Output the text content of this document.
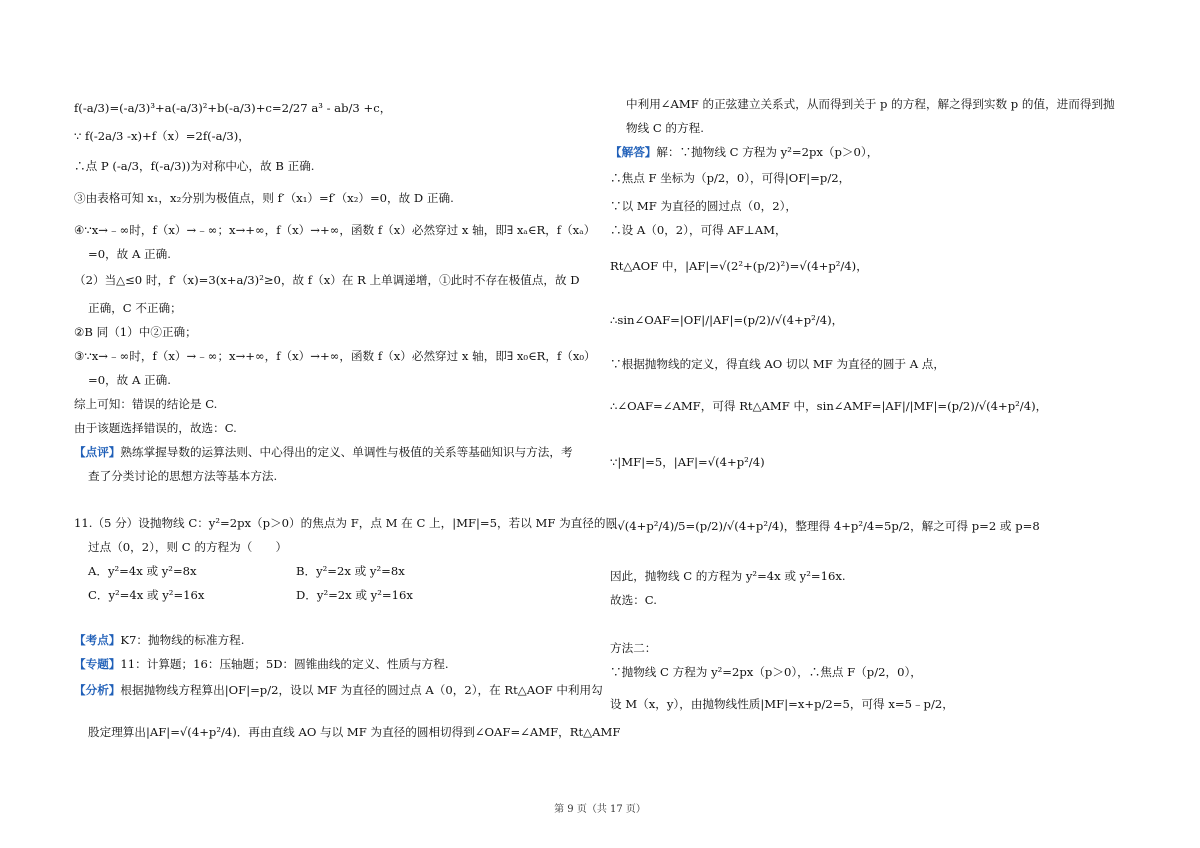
f(-a/3)=(-a/3)³+a(-a/3)²+b(-a/3)+c=2/27 a³ - ab/3 +c，
∵ f(-2a/3 -x)+f（x）=2f(-a/3)，
∴点 P (-a/3，f(-a/3))为对称中心，故 B 正确.
③由表格可知 x₁，x₂分别为极值点，则 f′（x₁）=f′（x₂）=0，故 D 正确.
④∵x→﹣∞时，f（x）→﹣∞；x→+∞，f（x）→+∞，函数 f（x）必然穿过 x 轴，即∃ xₐ∈R，f（xₐ）
=0，故 A 正确.
（2）当△≤0 时，f′（x)=3(x+a/3)²≥0，故 f（x）在 R 上单调递增，①此时不存在极值点，故 D
正确，C 不正确；
②B 同（1）中②正确；
③∵x→﹣∞时，f（x）→﹣∞；x→+∞，f（x）→+∞，函数 f（x）必然穿过 x 轴，即∃ x₀∈R，f（x₀）
=0，故 A 正确.
综上可知：错误的结论是 C.
由于该题选择错误的，故选：C.
【点评】熟练掌握导数的运算法则、中心得出的定义、单调性与极值的关系等基础知识与方法，考
查了分类讨论的思想方法等基本方法.
11.（5 分）设抛物线 C：y²=2px（p＞0）的焦点为 F，点 M 在 C 上，|MF|=5，若以 MF 为直径的圆
过点（0，2），则 C 的方程为（　　）
A．y²=4x 或 y²=8x	B．y²=2x 或 y²=8x
C．y²=4x 或 y²=16x	D．y²=2x 或 y²=16x
【考点】K7：抛物线的标准方程.
【专题】11：计算题；16：压轴题；5D：圆锥曲线的定义、性质与方程.
【分析】根据抛物线方程算出|OF|=p/2，设以 MF 为直径的圆过点 A（0，2），在 Rt△AOF 中利用勾
股定理算出|AF|=√(4+p²/4)．再由直线 AO 与以 MF 为直径的圆相切得到∠OAF=∠AMF，Rt△AMF
中利用∠AMF 的正弦建立关系式，从而得到关于 p 的方程，解之得到实数 p 的值，进而得到抛
物线 C 的方程.
【解答】解：∵抛物线 C 方程为 y²=2px（p＞0），
∴焦点 F 坐标为（p/2，0），可得|OF|=p/2，
∵以 MF 为直径的圆过点（0，2），
∴设 A（0，2），可得 AF⊥AM，
Rt△AOF 中，|AF|=√(2²+(p/2)²)=√(4+p²/4)，
∴sin∠OAF=|OF|/|AF|=(p/2)/√(4+p²/4)，
∵根据抛物线的定义，得直线 AO 切以 MF 为直径的圆于 A 点，
∴∠OAF=∠AMF，可得 Rt△AMF 中，sin∠AMF=|AF|/|MF|=(p/2)/√(4+p²/4)，
∵|MF|=5，|AF|=√(4+p²/4)
∴√(4+p²/4)/5=(p/2)/√(4+p²/4)，整理得 4+p²/4=5p/2，解之可得 p=2 或 p=8
因此，抛物线 C 的方程为 y²=4x 或 y²=16x.
故选：C.
方法二：
∵抛物线 C 方程为 y²=2px（p＞0），∴焦点 F（p/2，0），
设 M（x，y），由抛物线性质|MF|=x+p/2=5，可得 x=5﹣p/2，
第 9 页（共 17 页）
